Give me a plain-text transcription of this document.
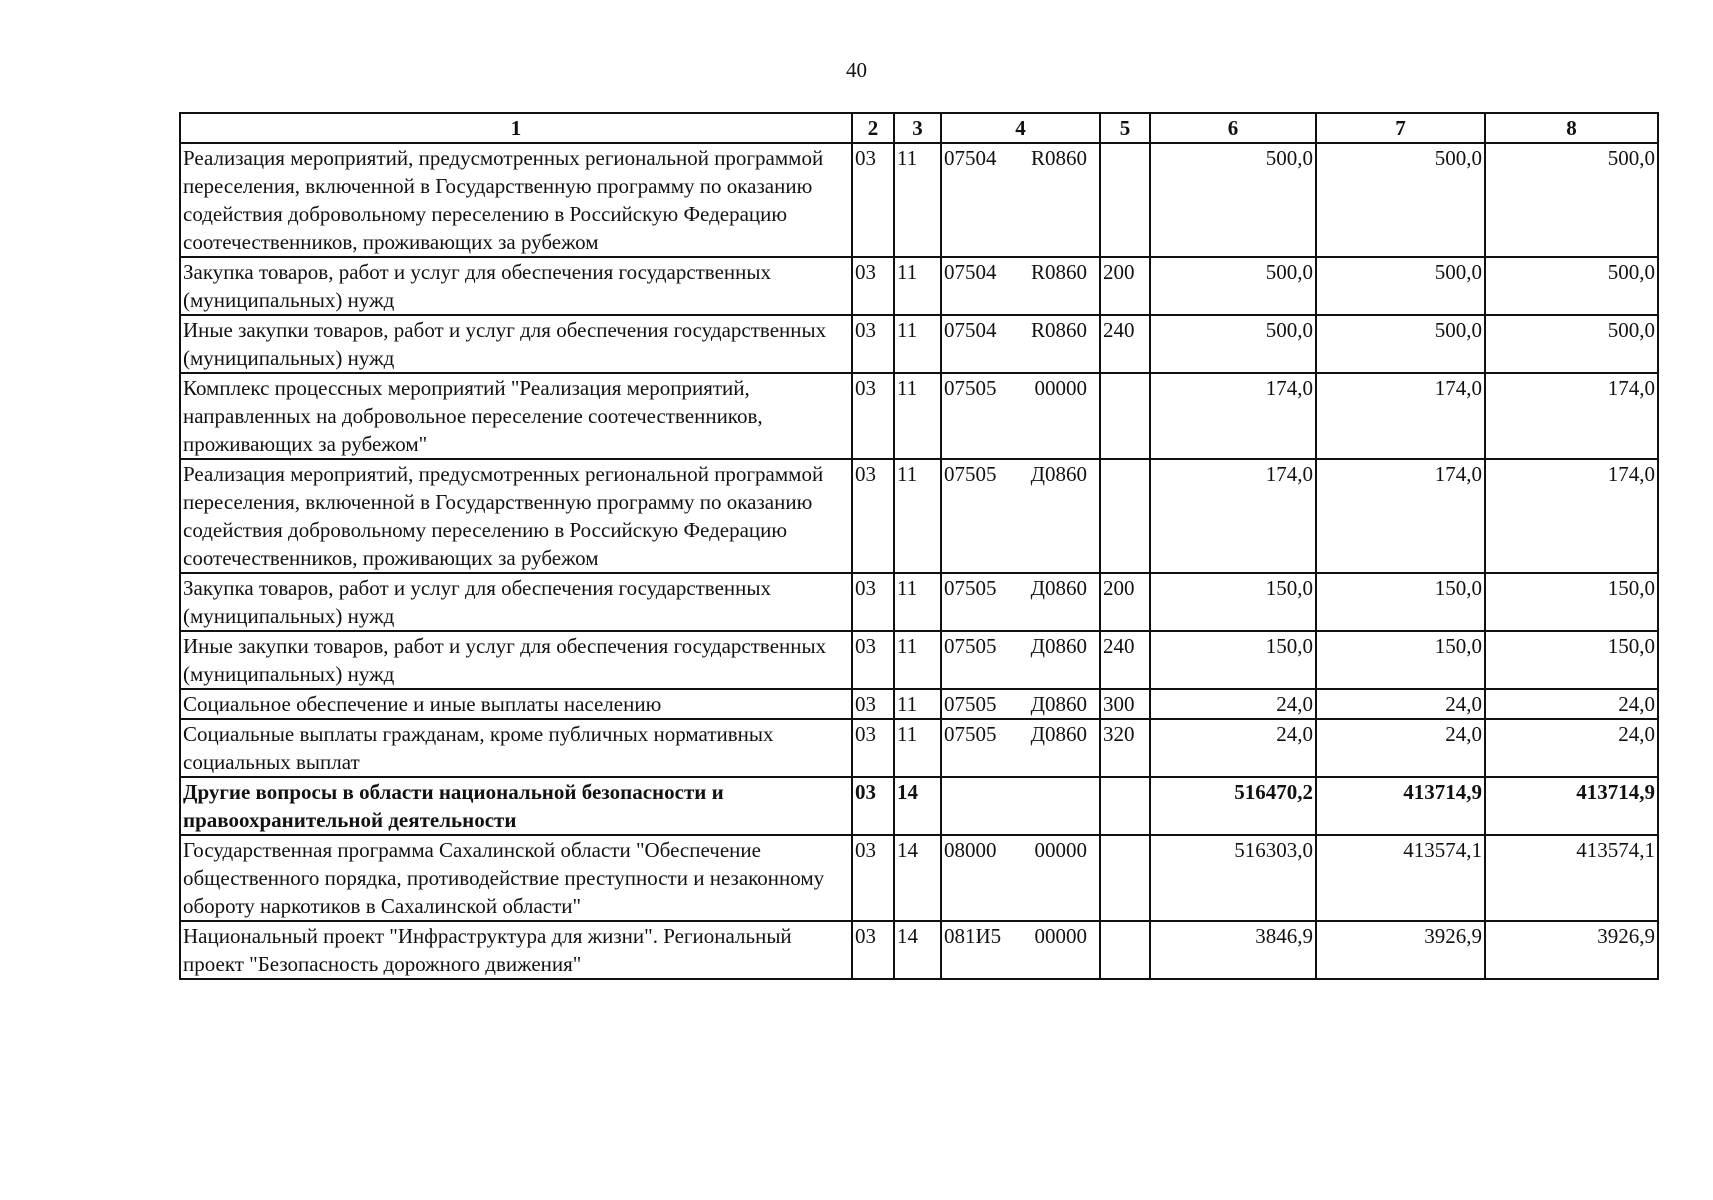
40
1	2	3	4	5	6	7	8
Реализация мероприятий, предусмотренных региональной программой переселения, включенной в Государственную программу по оказанию содействия добровольному переселению в Российскую Федерацию соотечественников, проживающих за рубежом	03	11	07504 R0860		500,0	500,0	500,0
Закупка товаров, работ и услуг для обеспечения государственных (муниципальных) нужд	03	11	07504 R0860	200	500,0	500,0	500,0
Иные закупки товаров, работ и услуг для обеспечения государственных (муниципальных) нужд	03	11	07504 R0860	240	500,0	500,0	500,0
Комплекс процессных мероприятий "Реализация мероприятий, направленных на добровольное переселение соотечественников, проживающих за рубежом"	03	11	07505 00000		174,0	174,0	174,0
Реализация мероприятий, предусмотренных региональной программой переселения, включенной в Государственную программу по оказанию содействия добровольному переселению в Российскую Федерацию соотечественников, проживающих за рубежом	03	11	07505 Д0860		174,0	174,0	174,0
Закупка товаров, работ и услуг для обеспечения государственных (муниципальных) нужд	03	11	07505 Д0860	200	150,0	150,0	150,0
Иные закупки товаров, работ и услуг для обеспечения государственных (муниципальных) нужд	03	11	07505 Д0860	240	150,0	150,0	150,0
Социальное обеспечение и иные выплаты населению	03	11	07505 Д0860	300	24,0	24,0	24,0
Социальные выплаты гражданам, кроме публичных нормативных социальных выплат	03	11	07505 Д0860	320	24,0	24,0	24,0
Другие вопросы в области национальной безопасности и правоохранительной деятельности	03	14			516470,2	413714,9	413714,9
Государственная программа Сахалинской области "Обеспечение общественного порядка, противодействие преступности и незаконному обороту наркотиков в Сахалинской области"	03	14	08000 00000		516303,0	413574,1	413574,1
Национальный проект "Инфраструктура для жизни". Региональный проект "Безопасность дорожного движения"	03	14	081И5 00000		3846,9	3926,9	3926,9
